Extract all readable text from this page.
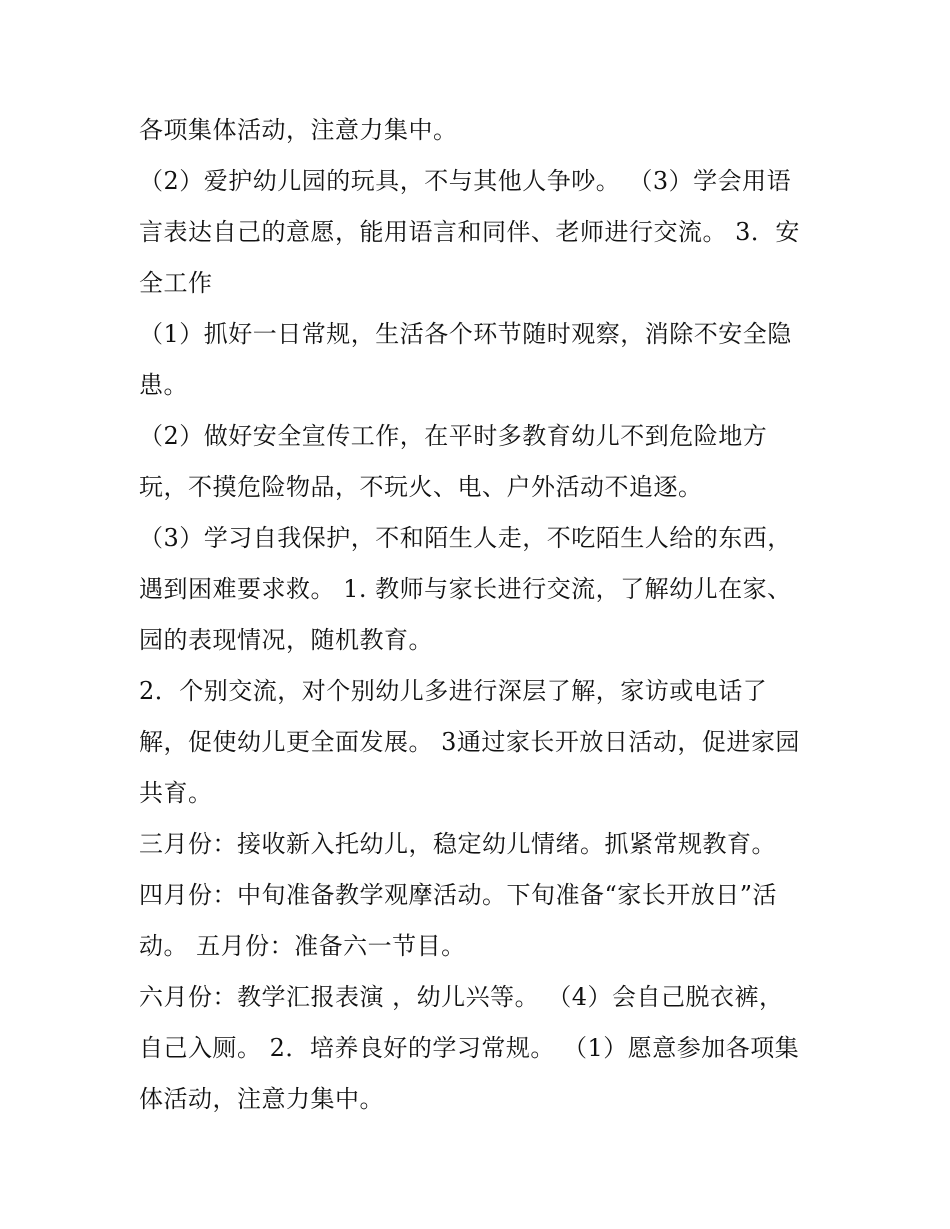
各项集体活动，注意力集中。
（2）爱护幼儿园的玩具，不与其他人争吵。 （3）学会用语
言表达自己的意愿，能用语言和同伴、老师进行交流。 3．安
全工作
（1）抓好一日常规，生活各个环节随时观察，消除不安全隐
患。
（2）做好安全宣传工作，在平时多教育幼儿不到危险地方
玩，不摸危险物品，不玩火、电、户外活动不追逐。
（3）学习自我保护，不和陌生人走，不吃陌生人给的东西，
遇到困难要求救。 1. 教师与家长进行交流，了解幼儿在家、
园的表现情况，随机教育。
2．个别交流，对个别幼儿多进行深层了解，家访或电话了
解，促使幼儿更全面发展。 3通过家长开放日活动，促进家园
共育。
三月份：接收新入托幼儿，稳定幼儿情绪。抓紧常规教育。
四月份：中旬准备教学观摩活动。下旬准备“家长开放日”活
动。 五月份：准备六一节目。
六月份：教学汇报表演 ，幼儿兴等。 （4）会自己脱衣裤，
自己入厕。 2．培养良好的学习常规。 （1）愿意参加各项集
体活动，注意力集中。
